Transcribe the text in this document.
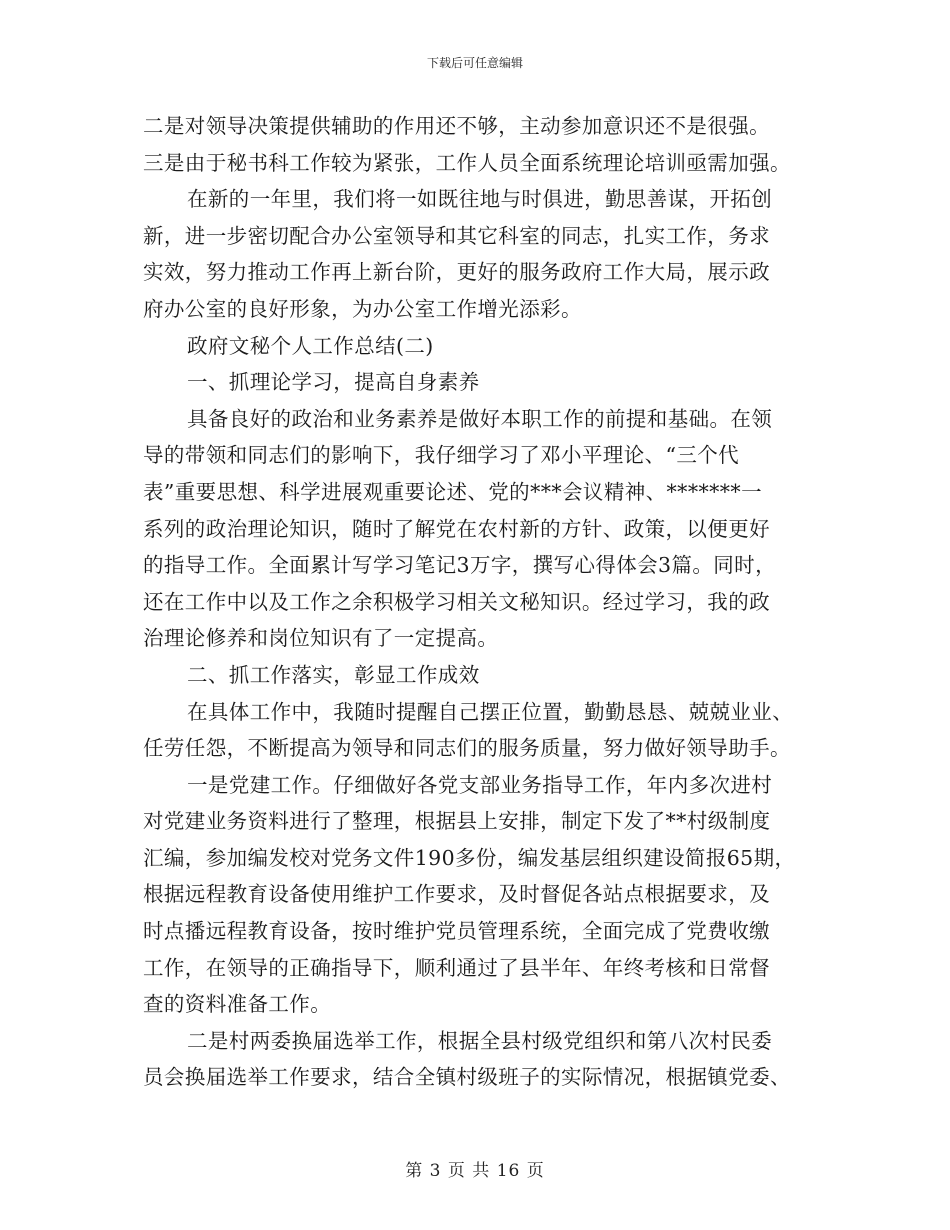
下载后可任意编辑
二是对领导决策提供辅助的作用还不够，主动参加意识还不是很强。
三是由于秘书科工作较为紧张，工作人员全面系统理论培训亟需加强。
在新的一年里，我们将一如既往地与时俱进，勤思善谋，开拓创
新，进一步密切配合办公室领导和其它科室的同志，扎实工作，务求
实效，努力推动工作再上新台阶，更好的服务政府工作大局，展示政
府办公室的良好形象，为办公室工作增光添彩。
政府文秘个人工作总结(二)
一、抓理论学习，提高自身素养
具备良好的政治和业务素养是做好本职工作的前提和基础。在领
导的带领和同志们的影响下，我仔细学习了邓小平理论、“三个代
表”重要思想、科学进展观重要论述、党的***会议精神、*******一
系列的政治理论知识，随时了解党在农村新的方针、政策，以便更好
的指导工作。全面累计写学习笔记3万字，撰写心得体会3篇。同时，
还在工作中以及工作之余积极学习相关文秘知识。经过学习，我的政
治理论修养和岗位知识有了一定提高。
二、抓工作落实，彰显工作成效
在具体工作中，我随时提醒自己摆正位置，勤勤恳恳、兢兢业业、
任劳任怨，不断提高为领导和同志们的服务质量，努力做好领导助手。
一是党建工作。仔细做好各党支部业务指导工作，年内多次进村
对党建业务资料进行了整理，根据县上安排，制定下发了**村级制度
汇编，参加编发校对党务文件190多份，编发基层组织建设简报65期，
根据远程教育设备使用维护工作要求，及时督促各站点根据要求，及
时点播远程教育设备，按时维护党员管理系统，全面完成了党费收缴
工作，在领导的正确指导下，顺利通过了县半年、年终考核和日常督
查的资料准备工作。
二是村两委换届选举工作，根据全县村级党组织和第八次村民委
员会换届选举工作要求，结合全镇村级班子的实际情况，根据镇党委、
第 3 页 共 16 页
